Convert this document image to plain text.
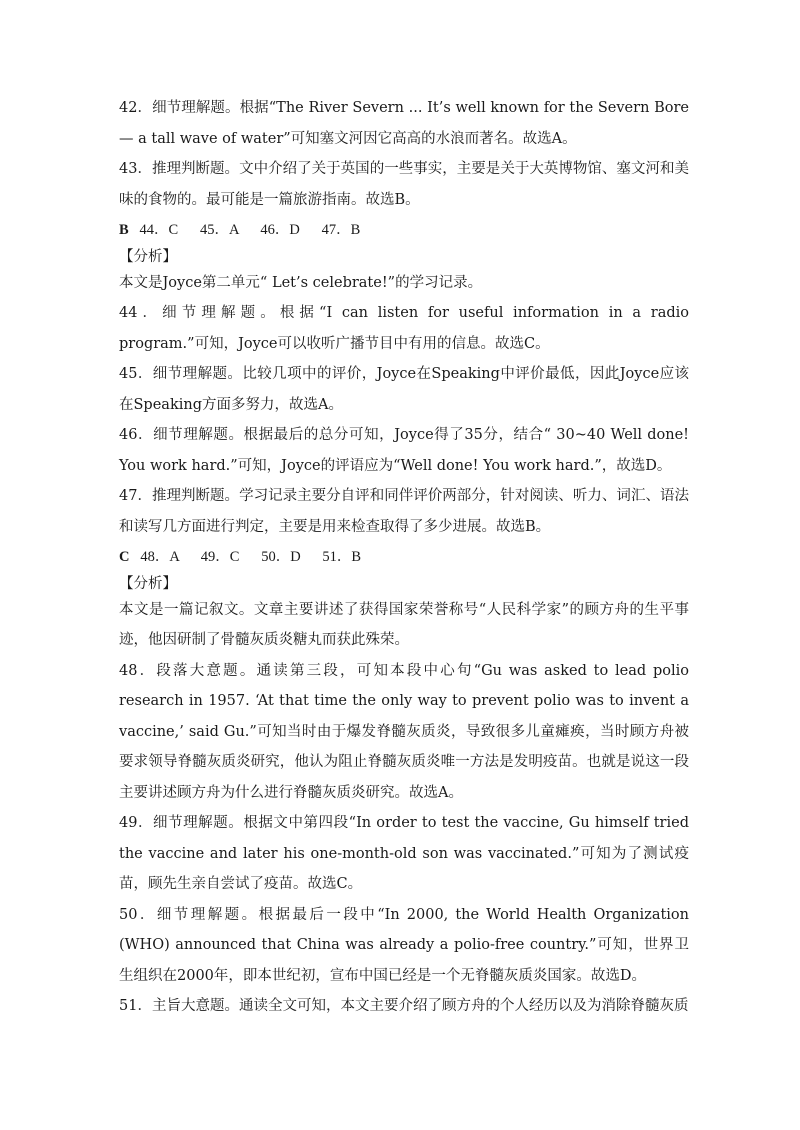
42．细节理解题。根据“The River Severn ... It’s well known for the Severn Bore — a tall wave of water”可知塞文河因它高高的水浪而著名。故选A。

43．推理判断题。文中介绍了关于英国的一些事实，主要是关于大英博物馆、塞文河和美味的食物的。最可能是一篇旅游指南。故选B。

B   44．C      45．A      46．D      47．B

【分析】

本文是Joyce第二单元“ Let’s celebrate!”的学习记录。

44．细节理解题。根据“I can listen for useful information in a radio program.”可知，Joyce可以收听广播节目中有用的信息。故选C。

45．细节理解题。比较几项中的评价，Joyce在Speaking中评价最低，因此Joyce应该在Speaking方面多努力，故选A。

46．细节理解题。根据最后的总分可知，Joyce得了35分，结合“ 30~40 Well done! You work hard.”可知，Joyce的评语应为“Well done! You work hard.”，故选D。

47．推理判断题。学习记录主要分自评和同伴评价两部分，针对阅读、听力、词汇、语法和读写几方面进行判定，主要是用来检查取得了多少进展。故选B。

C   48．A      49．C      50．D      51．B

【分析】

本文是一篇记叙文。文章主要讲述了获得国家荣誉称号“人民科学家”的顾方舟的生平事迹，他因研制了骨髓灰质炎糖丸而获此殊荣。

48．段落大意题。通读第三段，可知本段中心句“Gu was asked to lead polio research in 1957. ‘At that time the only way to prevent polio was to invent a vaccine,’ said Gu.”可知当时由于爆发脊髓灰质炎，导致很多儿童瘫痪，当时顾方舟被要求领导脊髓灰质炎研究，他认为阻止脊髓灰质炎唯一方法是发明疫苗。也就是说这一段主要讲述顾方舟为什么进行脊髓灰质炎研究。故选A。

49．细节理解题。根据文中第四段“In order to test the vaccine, Gu himself tried the vaccine and later his one-month-old son was vaccinated.”可知为了测试疫苗，顾先生亲自尝试了疫苗。故选C。

50．细节理解题。根据最后一段中“In 2000, the World Health Organization (WHO) announced that China was already a polio-free country.”可知，世界卫生组织在2000年，即本世纪初，宣布中国已经是一个无脊髓灰质炎国家。故选D。

51．主旨大意题。通读全文可知，本文主要介绍了顾方舟的个人经历以及为消除脊髓灰质
